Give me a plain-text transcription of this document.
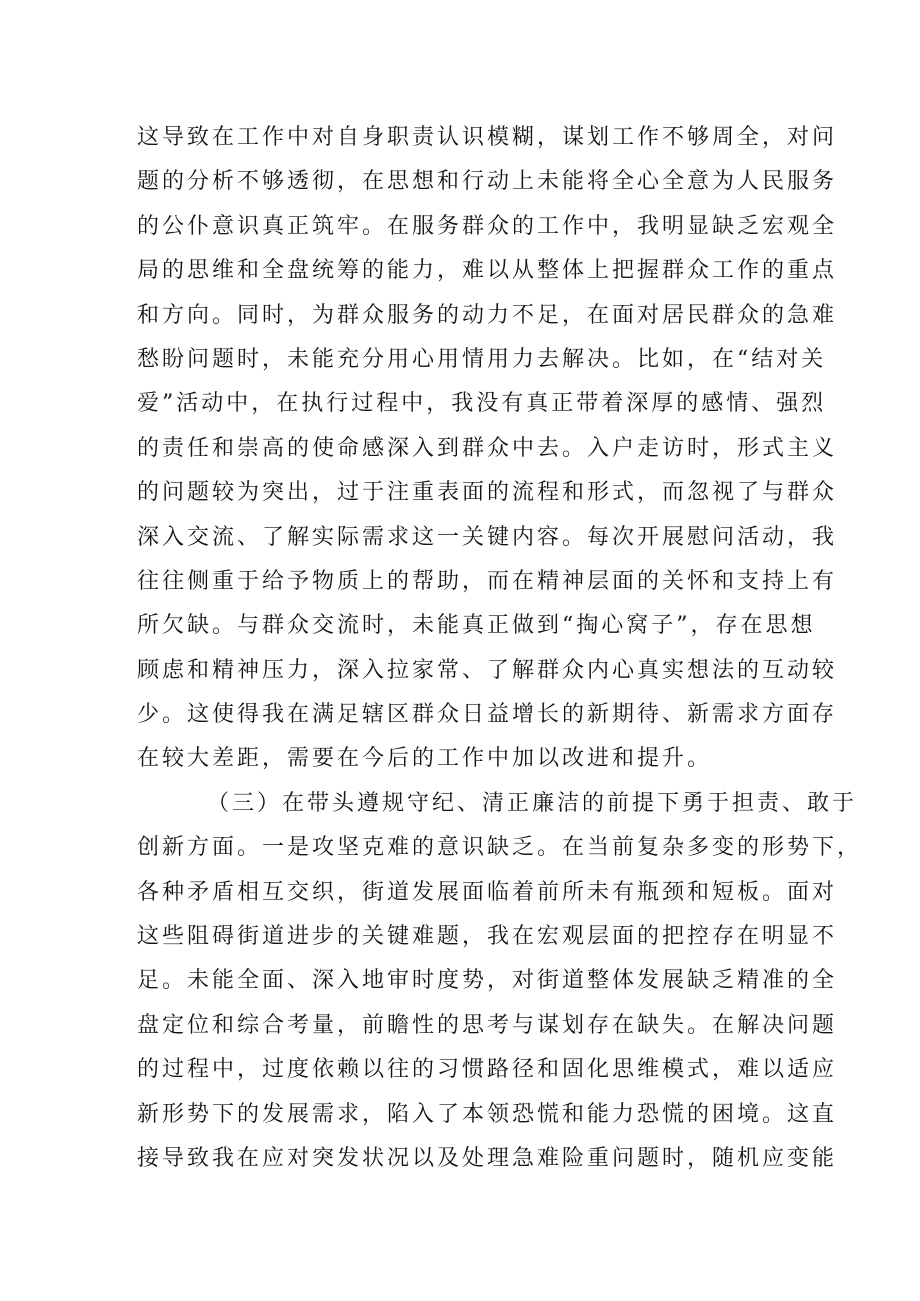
这导致在工作中对自身职责认识模糊，谋划工作不够周全，对问
题的分析不够透彻，在思想和行动上未能将全心全意为人民服务
的公仆意识真正筑牢。在服务群众的工作中，我明显缺乏宏观全
局的思维和全盘统筹的能力，难以从整体上把握群众工作的重点
和方向。同时，为群众服务的动力不足，在面对居民群众的急难
愁盼问题时，未能充分用心用情用力去解决。比如，在“结对关
爱”活动中，在执行过程中，我没有真正带着深厚的感情、强烈
的责任和崇高的使命感深入到群众中去。入户走访时，形式主义
的问题较为突出，过于注重表面的流程和形式，而忽视了与群众
深入交流、了解实际需求这一关键内容。每次开展慰问活动，我
往往侧重于给予物质上的帮助，而在精神层面的关怀和支持上有
所欠缺。与群众交流时，未能真正做到“掏心窝子”，存在思想
顾虑和精神压力，深入拉家常、了解群众内心真实想法的互动较
少。这使得我在满足辖区群众日益增长的新期待、新需求方面存
在较大差距，需要在今后的工作中加以改进和提升。
（三）在带头遵规守纪、清正廉洁的前提下勇于担责、敢于
创新方面。一是攻坚克难的意识缺乏。在当前复杂多变的形势下，
各种矛盾相互交织，街道发展面临着前所未有瓶颈和短板。面对
这些阻碍街道进步的关键难题，我在宏观层面的把控存在明显不
足。未能全面、深入地审时度势，对街道整体发展缺乏精准的全
盘定位和综合考量，前瞻性的思考与谋划存在缺失。在解决问题
的过程中，过度依赖以往的习惯路径和固化思维模式，难以适应
新形势下的发展需求，陷入了本领恐慌和能力恐慌的困境。这直
接导致我在应对突发状况以及处理急难险重问题时，随机应变能
